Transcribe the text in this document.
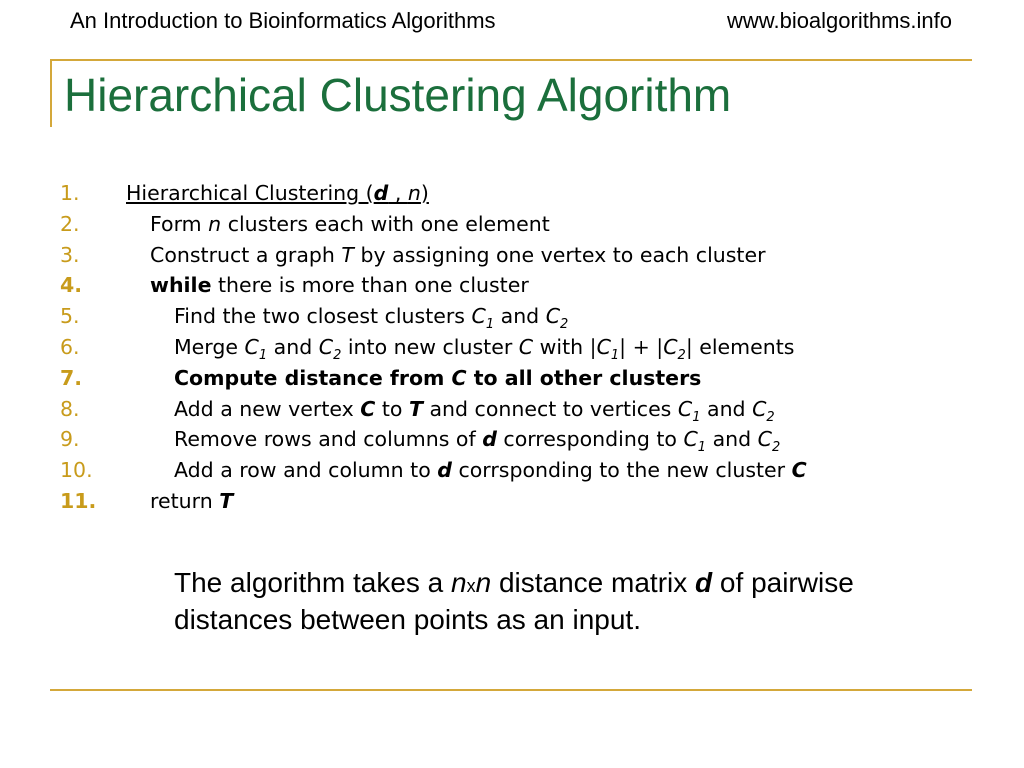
An Introduction to Bioinformatics Algorithms	www.bioalgorithms.info
Hierarchical Clustering Algorithm
1. Hierarchical Clustering (d , n)
2.	Form n clusters each with one element
3.	Construct a graph T by assigning one vertex to each cluster
4.	while there is more than one cluster
5.	Find the two closest clusters $C_1$ and $C_2$
6.	Merge $C_1$ and $C_2$ into new cluster C with $|C_1| + |C_2|$ elements
7.	Compute distance from C to all other clusters
8.	Add a new vertex C to T and connect to vertices $C_1$ and $C_2$
9.	Remove rows and columns of d corresponding to $C_1$ and $C_2$
10.	Add a row and column to d corrsponding to the new cluster C
11.	return T
The algorithm takes a nxn distance matrix d of pairwise distances between points as an input.
